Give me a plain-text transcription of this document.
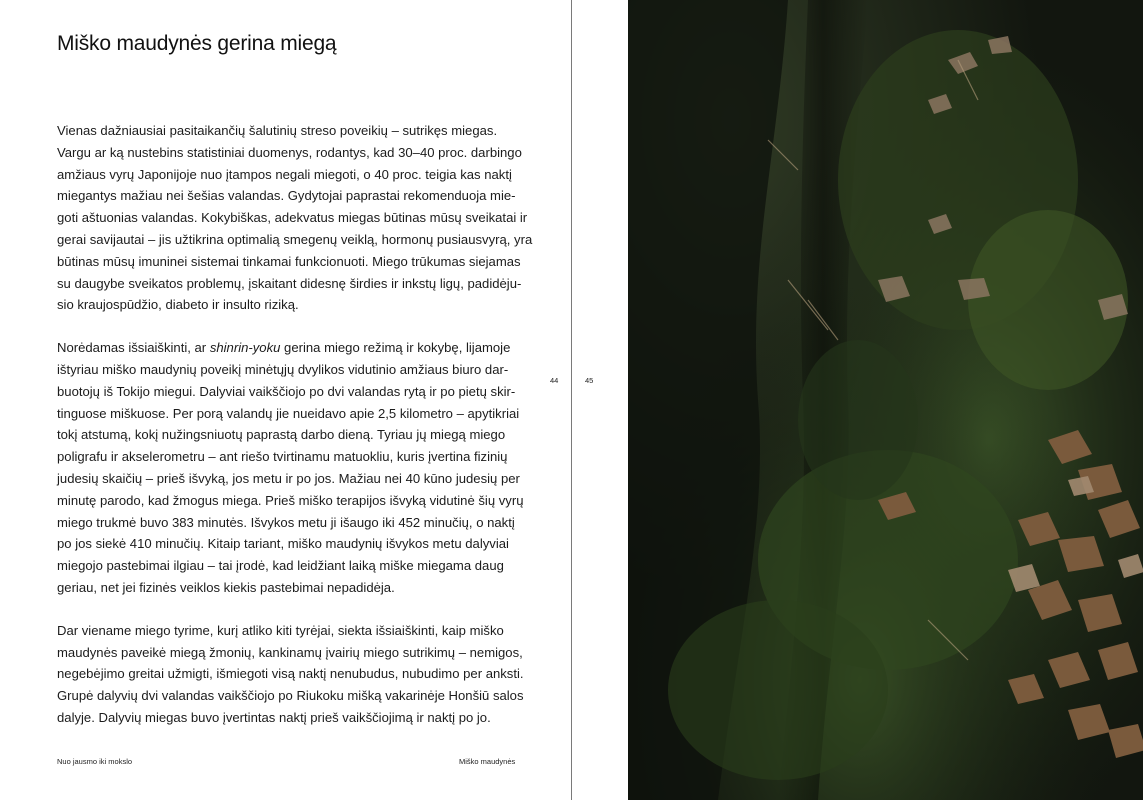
Miško maudynės gerina miegą

Vienas dažniausiai pasitaikančių šalutinių streso poveikių – sutrikęs miegas.
Vargu ar ką nustebins statistiniai duomenys, rodantys, kad 30–40 proc. darbingo
amžiaus vyrų Japonijoje nuo įtampos negali miegoti, o 40 proc. teigia kas naktį
miegantys mažiau nei šešias valandas. Gydytojai paprastai rekomenduoja mie-
goti aštuonias valandas. Kokybiškas, adekvatus miegas būtinas mūsų sveikatai ir
gerai savijautai – jis užtikrina optimalią smegenų veiklą, hormonų pusiausvyrą, yra
būtinas mūsų imuninei sistemai tinkamai funkcionuoti. Miego trūkumas siejamas
su daugybe sveikatos problemų, įskaitant didesnę širdies ir inkstų ligų, padidėju-
sio kraujospūdžio, diabeto ir insulto riziką.

Norėdamas išsiaiškinti, ar shinrin-yoku gerina miego režimą ir kokybę, lijamoje
ištyriau miško maudynių poveikį minėtųjų dvylikos vidutinio amžiaus biuro dar-
buotojų iš Tokijo miegui. Dalyviai vaikščiojo po dvi valandas rytą ir po pietų skir-
tinguose miškuose. Per porą valandų jie nueidavo apie 2,5 kilometro – apytikriai
tokį atstumą, kokį nužingsniuotų paprastą darbo dieną. Tyriau jų miegą miego
poligrafu ir akselerometru – ant riešo tvirtinamu matuokliu, kuris įvertina fizinių
judesių skaičių – prieš išvyką, jos metu ir po jos. Mažiau nei 40 kūno judesių per
minutę parodo, kad žmogus miega. Prieš miško terapijos išvyką vidutinė šių vyrų
miego trukmė buvo 383 minutės. Išvykos metu ji išaugo iki 452 minučių, o naktį
po jos siekė 410 minučių. Kitaip tariant, miško maudynių išvykos metu dalyviai
miegojo pastebimai ilgiau – tai įrodė, kad leidžiant laiką miške miegama daug
geriau, net jei fizinės veiklos kiekis pastebimai nepadidėja.

Dar viename miego tyrime, kurį atliko kiti tyrėjai, siekta išsiaiškinti, kaip miško
maudynės paveikė miegą žmonių, kankinamų įvairių miego sutrikimų – nemigos,
negebėjimo greitai užmigti, išmiegoti visą naktį nenubudus, nubudimo per anksti.
Grupė dalyvių dvi valandas vaikščiojo po Riukoku mišką vakarinėje Honšiū salos
dalyje. Dalyvių miegas buvo įvertintas naktį prieš vaikščiojimą ir naktį po jo.

Nuo jausmo iki mokslo	Miško maudynės

44	45
